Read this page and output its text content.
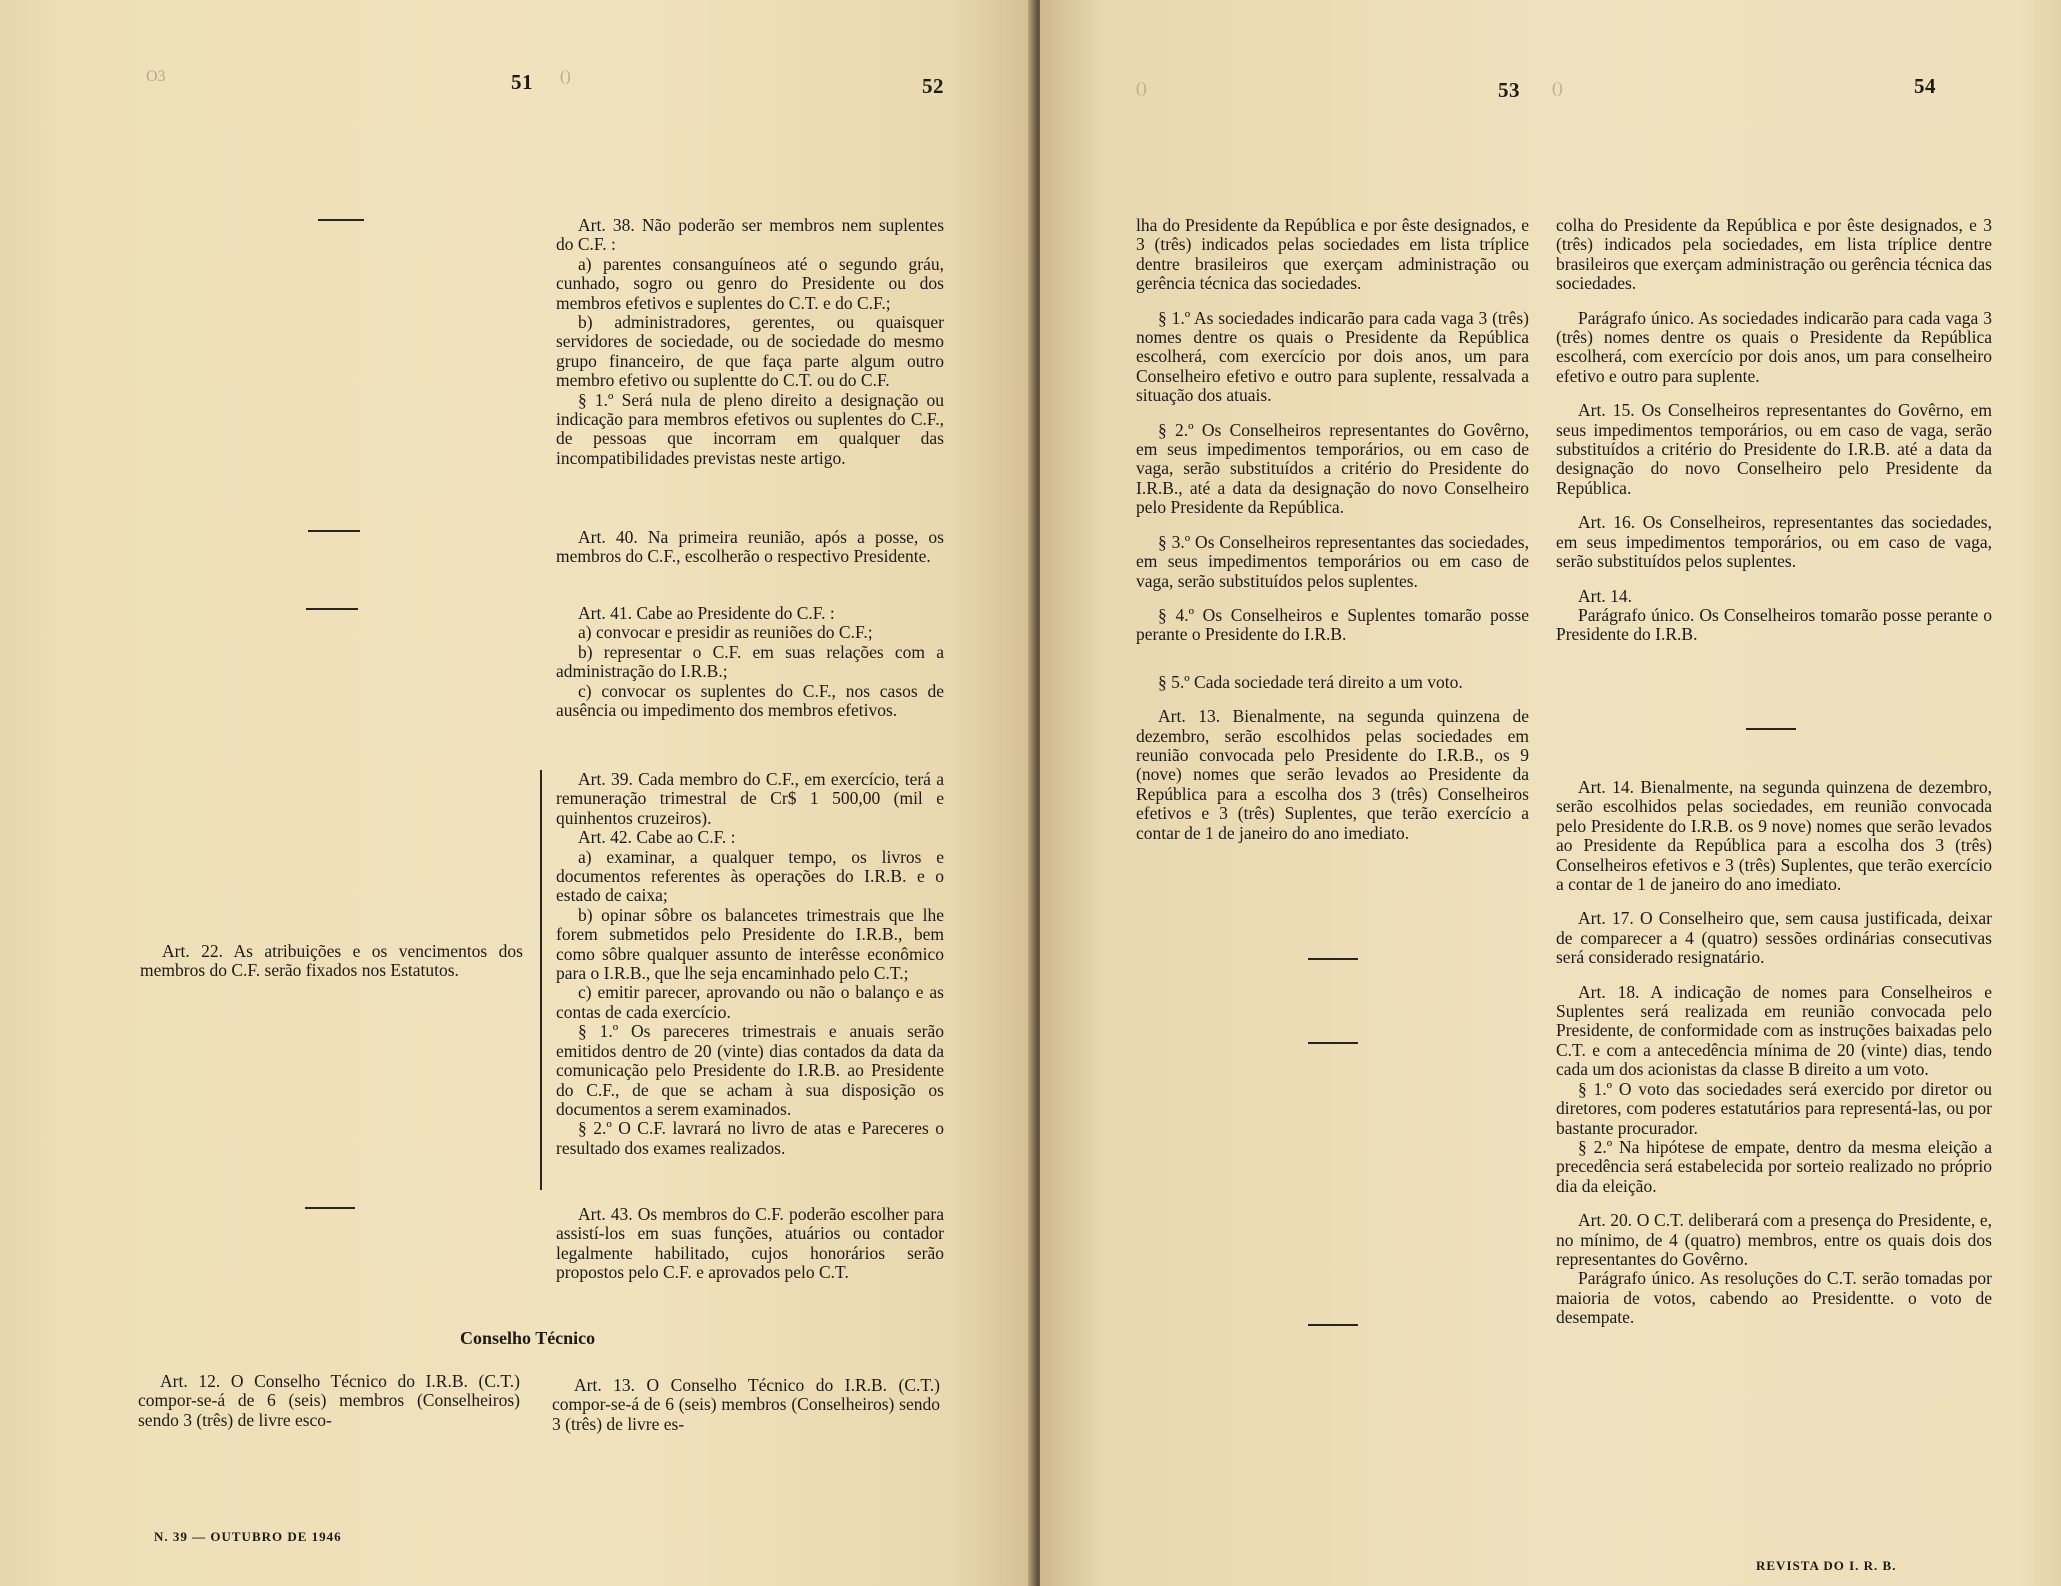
O3	51 ()	52

Art. 22. As atribuições e os vencimentos dos membros do C.F. serão fixados nos Estatutos.

Art. 38. Não poderão ser membros nem suplentes do C.F. :

a) parentes consanguíneos até o segundo gráu, cunhado, sogro ou genro do Presidente ou dos membros efetivos e suplentes do C.T. e do C.F.;

b) administradores, gerentes, ou quaisquer servidores de sociedade, ou de sociedade do mesmo grupo financeiro, de que faça parte algum outro membro efetivo ou suplentte do C.T. ou do C.F.

§ 1.º Será nula de pleno direito a designação ou indicação para membros efetivos ou suplentes do C.F., de pessoas que incorram em qualquer das incompatibilidades previstas neste artigo.

Art. 40. Na primeira reunião, após a posse, os membros do C.F., escolherão o respectivo Presidente.

Art. 41. Cabe ao Presidente do C.F. :

a) convocar e presidir as reuniões do C.F.;

b) representar o C.F. em suas relações com a administração do I.R.B.;

c) convocar os suplentes do C.F., nos casos de ausência ou impedimento dos membros efetivos.

Art. 39. Cada membro do C.F., em exercício, terá a remuneração trimestral de Cr$ 1 500,00 (mil e quinhentos cruzeiros).

Art. 42. Cabe ao C.F. :

a) examinar, a qualquer tempo, os livros e documentos referentes às operações do I.R.B. e o estado de caixa;

b) opinar sôbre os balancetes trimestrais que lhe forem submetidos pelo Presidente do I.R.B., bem como sôbre qualquer assunto de interêsse econômico para o I.R.B., que lhe seja encaminhado pelo C.T.;

c) emitir parecer, aprovando ou não o balanço e as contas de cada exercício.

§ 1.º Os pareceres trimestrais e anuais serão emitidos dentro de 20 (vinte) dias contados da data da comunicação pelo Presidente do I.R.B. ao Presidente do C.F., de que se acham à sua disposição os documentos a serem examinados.

§ 2.º O C.F. lavrará no livro de atas e Pareceres o resultado dos exames realizados.

Art. 43. Os membros do C.F. poderão escolher para assistí-los em suas funções, atuários ou contador legalmente habilitado, cujos honorários serão propostos pelo C.F. e aprovados pelo C.T.

Conselho Técnico

Art. 12. O Conselho Técnico do I.R.B. (C.T.) compor-se-á de 6 (seis) membros (Conselheiros) sendo 3 (três) de livre esco-

Art. 13. O Conselho Técnico do I.R.B. (C.T.) compor-se-á de 6 (seis) membros (Conselheiros) sendo 3 (três) de livre es-

N. 39 — OUTUBRO DE 1946
()	53 ()	54

lha do Presidente da República e por êste designados, e 3 (três) indicados pelas sociedades em lista tríplice dentre brasileiros que exerçam administração ou gerência técnica das sociedades.

§ 1.º As sociedades indicarão para cada vaga 3 (três) nomes dentre os quais o Presidente da República escolherá, com exercício por dois anos, um para Conselheiro efetivo e outro para suplente, ressalvada a situação dos atuais.

§ 2.º Os Conselheiros representantes do Govêrno, em seus impedimentos temporários, ou em caso de vaga, serão substituídos a critério do Presidente do I.R.B., até a data da designação do novo Conselheiro pelo Presidente da República.

§ 3.º Os Conselheiros representantes das sociedades, em seus impedimentos temporários ou em caso de vaga, serão substituídos pelos suplentes.

§ 4.º Os Conselheiros e Suplentes tomarão posse perante o Presidente do I.R.B.

§ 5.º Cada sociedade terá direito a um voto.

Art. 13. Bienalmente, na segunda quinzena de dezembro, serão escolhidos pelas sociedades em reunião convocada pelo Presidente do I.R.B., os 9 (nove) nomes que serão levados ao Presidente da República para a escolha dos 3 (três) Conselheiros efetivos e 3 (três) Suplentes, que terão exercício a contar de 1 de janeiro do ano imediato.

colha do Presidente da República e por êste designados, e 3 (três) indicados pela sociedades, em lista tríplice dentre brasileiros que exerçam administração ou gerência técnica das sociedades.

Parágrafo único. As sociedades indicarão para cada vaga 3 (três) nomes dentre os quais o Presidente da República escolherá, com exercício por dois anos, um para conselheiro efetivo e outro para suplente.

Art. 15. Os Conselheiros representantes do Govêrno, em seus impedimentos temporários, ou em caso de vaga, serão substituídos a critério do Presidente do I.R.B. até a data da designação do novo Conselheiro pelo Presidente da República.

Art. 16. Os Conselheiros, representantes das sociedades, em seus impedimentos temporários, ou em caso de vaga, serão substituídos pelos suplentes.

Art. 14.

Parágrafo único. Os Conselheiros tomarão posse perante o Presidente do I.R.B.

Art. 14. Bienalmente, na segunda quinzena de dezembro, serão escolhidos pelas sociedades, em reunião convocada pelo Presidente do I.R.B. os 9 nove) nomes que serão levados ao Presidente da República para a escolha dos 3 (três) Conselheiros efetivos e 3 (três) Suplentes, que terão exercício a contar de 1 de janeiro do ano imediato.

Art. 17. O Conselheiro que, sem causa justificada, deixar de comparecer a 4 (quatro) sessões ordinárias consecutivas será considerado resignatário.

Art. 18. A indicação de nomes para Conselheiros e Suplentes será realizada em reunião convocada pelo Presidente, de conformidade com as instruções baixadas pelo C.T. e com a antecedência mínima de 20 (vinte) dias, tendo cada um dos acionistas da classe B direito a um voto.

§ 1.º O voto das sociedades será exercido por diretor ou diretores, com poderes estatutários para representá-las, ou por bastante procurador.

§ 2.º Na hipótese de empate, dentro da mesma eleição a precedência será estabelecida por sorteio realizado no próprio dia da eleição.

Art. 20. O C.T. deliberará com a presença do Presidente, e, no mínimo, de 4 (quatro) membros, entre os quais dois dos representantes do Govêrno.

Parágrafo único. As resoluções do C.T. serão tomadas por maioria de votos, cabendo ao Presidentte. o voto de desempate.

REVISTA DO I. R. B.
